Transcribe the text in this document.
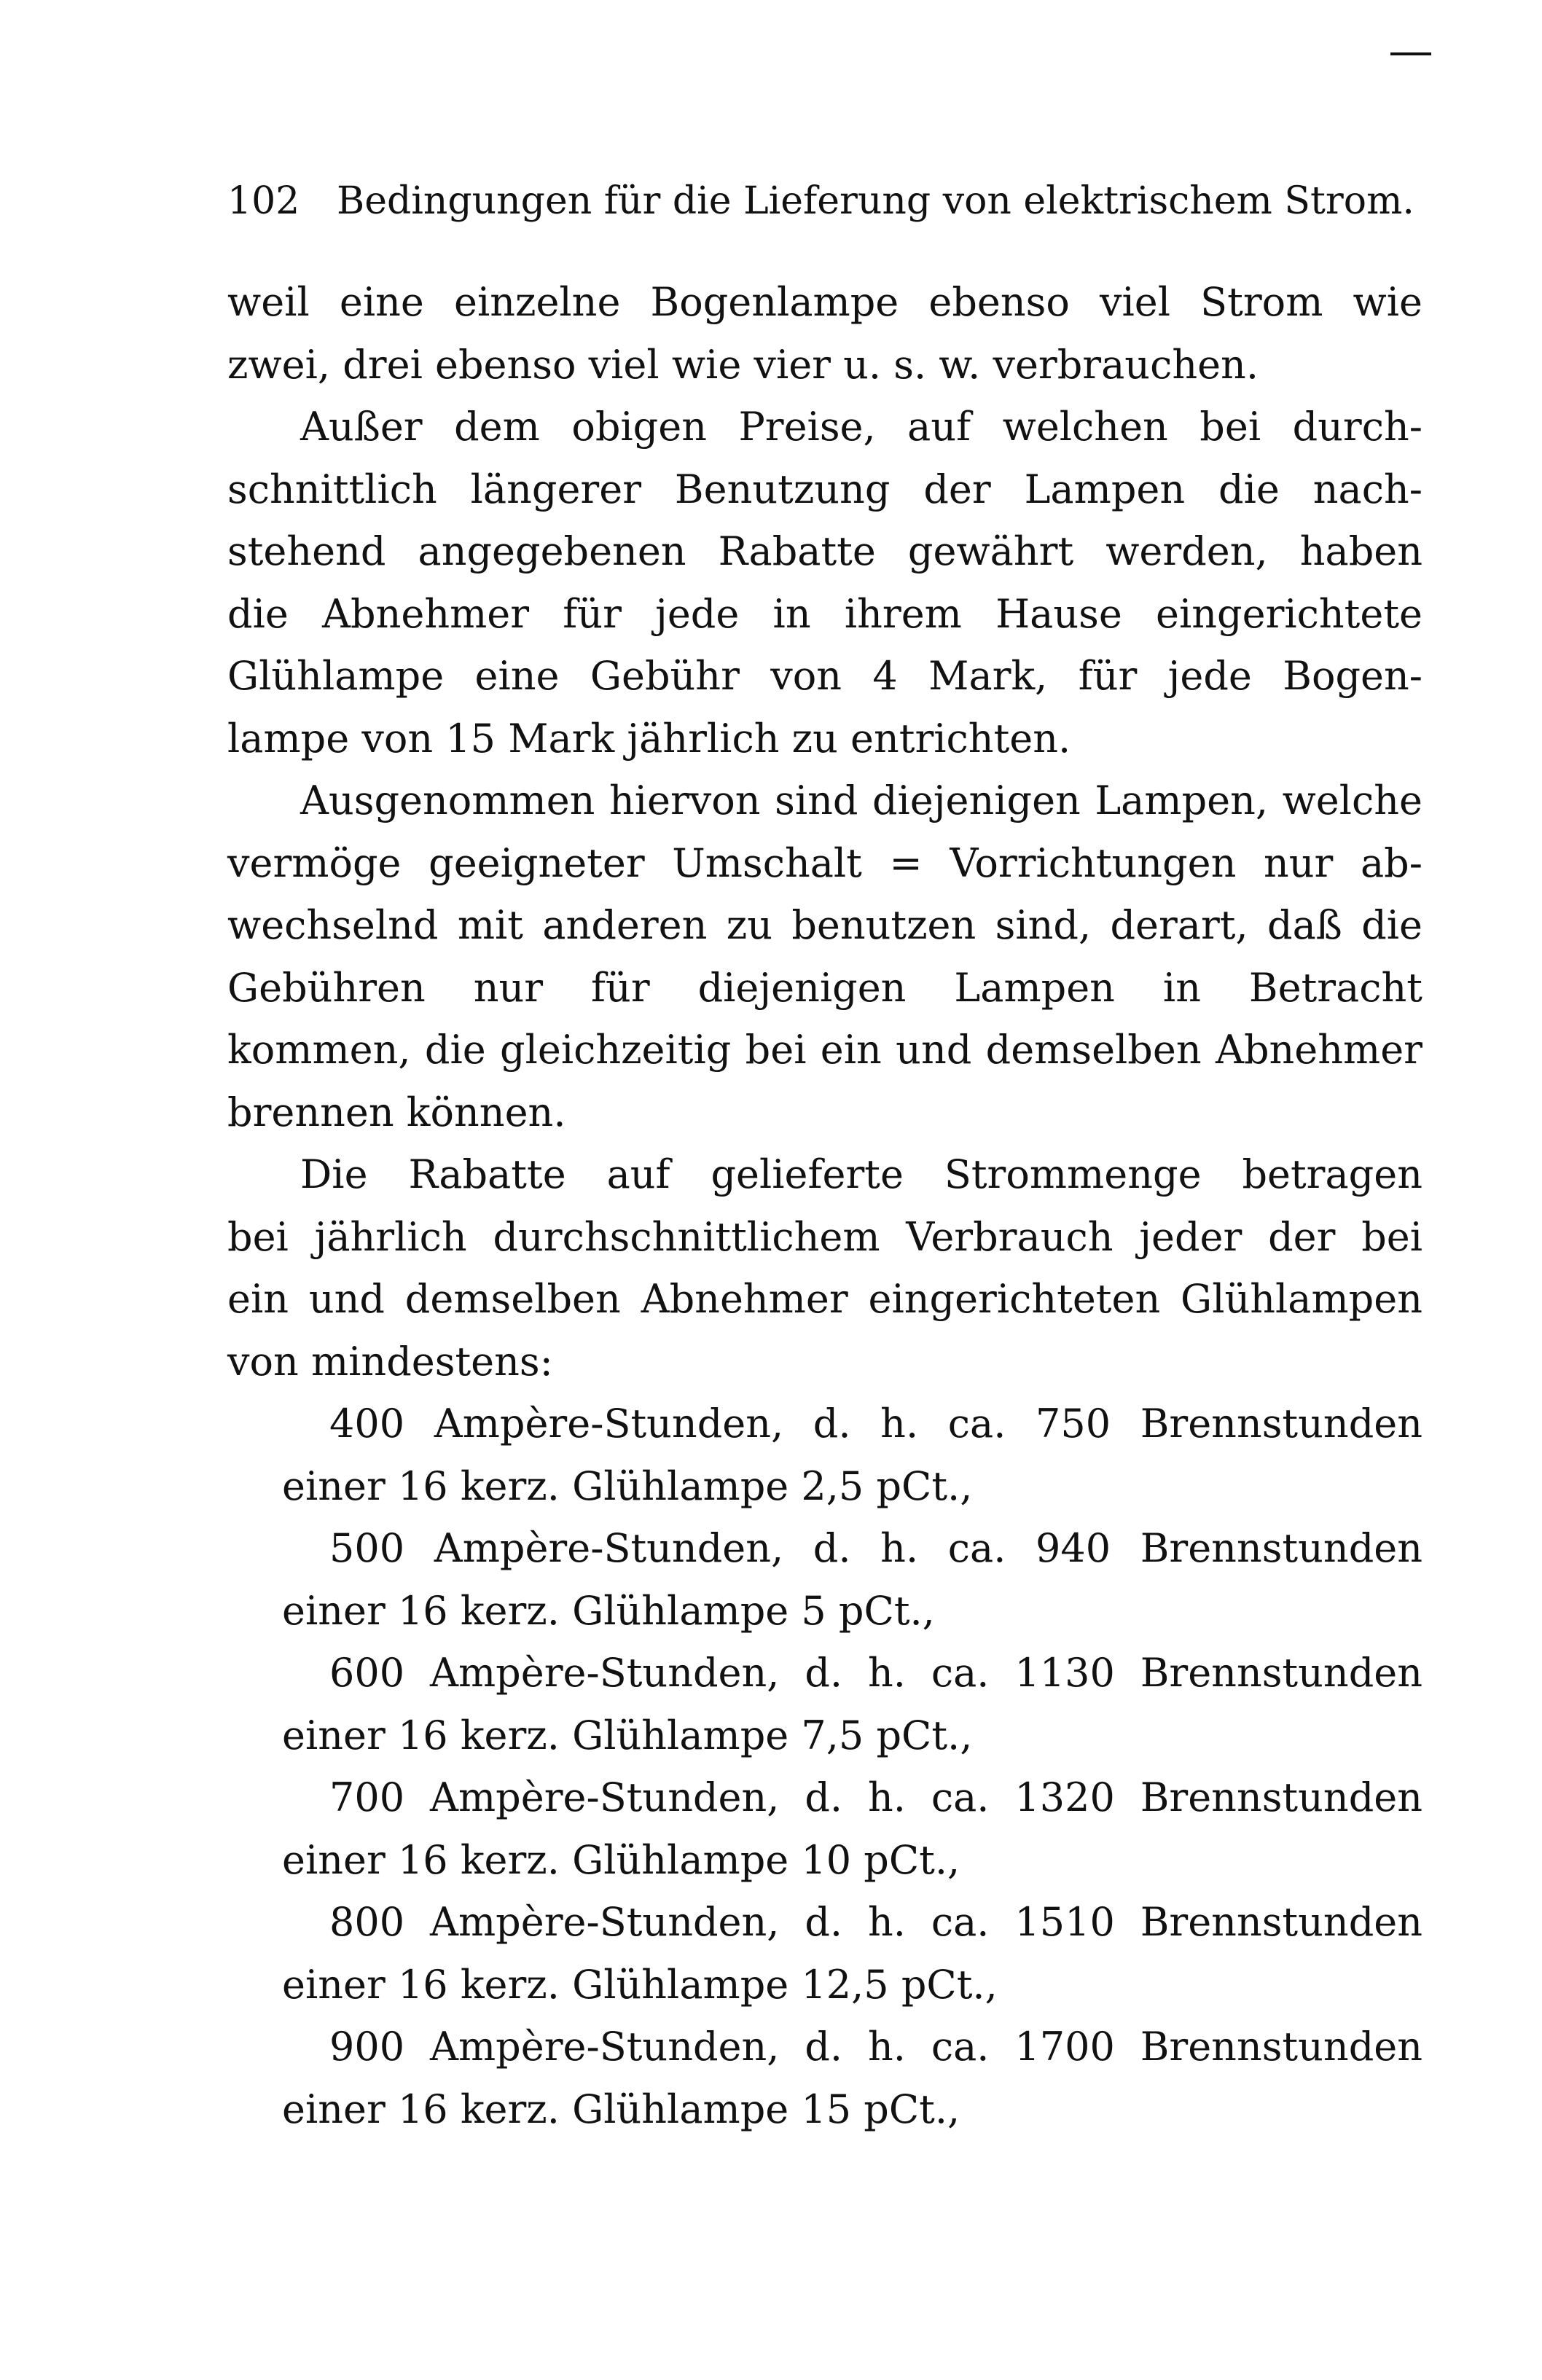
102 Bedingungen für die Lieferung von elektrischem Strom.
weil eine einzelne Bogenlampe ebenso viel Strom wie
zwei, drei ebenso viel wie vier u. s. w. verbrauchen.
Außer dem obigen Preise, auf welchen bei durch-
schnittlich längerer Benutzung der Lampen die nach-
stehend angegebenen Rabatte gewährt werden, haben
die Abnehmer für jede in ihrem Hause eingerichtete
Glühlampe eine Gebühr von 4 Mark, für jede Bogen-
lampe von 15 Mark jährlich zu entrichten.
Ausgenommen hiervon sind diejenigen Lampen, welche
vermöge geeigneter Umschalt = Vorrichtungen nur ab-
wechselnd mit anderen zu benutzen sind, derart, daß die
Gebühren nur für diejenigen Lampen in Betracht
kommen, die gleichzeitig bei ein und demselben Abnehmer
brennen können.
Die Rabatte auf gelieferte Strommenge betragen
bei jährlich durchschnittlichem Verbrauch jeder der bei
ein und demselben Abnehmer eingerichteten Glühlampen
von mindestens:
400 Ampère-Stunden, d. h. ca. 750 Brennstunden
einer 16 kerz. Glühlampe 2,5 pCt.,
500 Ampère-Stunden, d. h. ca. 940 Brennstunden
einer 16 kerz. Glühlampe 5 pCt.,
600 Ampère-Stunden, d. h. ca. 1130 Brennstunden
einer 16 kerz. Glühlampe 7,5 pCt.,
700 Ampère-Stunden, d. h. ca. 1320 Brennstunden
einer 16 kerz. Glühlampe 10 pCt.,
800 Ampère-Stunden, d. h. ca. 1510 Brennstunden
einer 16 kerz. Glühlampe 12,5 pCt.,
900 Ampère-Stunden, d. h. ca. 1700 Brennstunden
einer 16 kerz. Glühlampe 15 pCt.,
